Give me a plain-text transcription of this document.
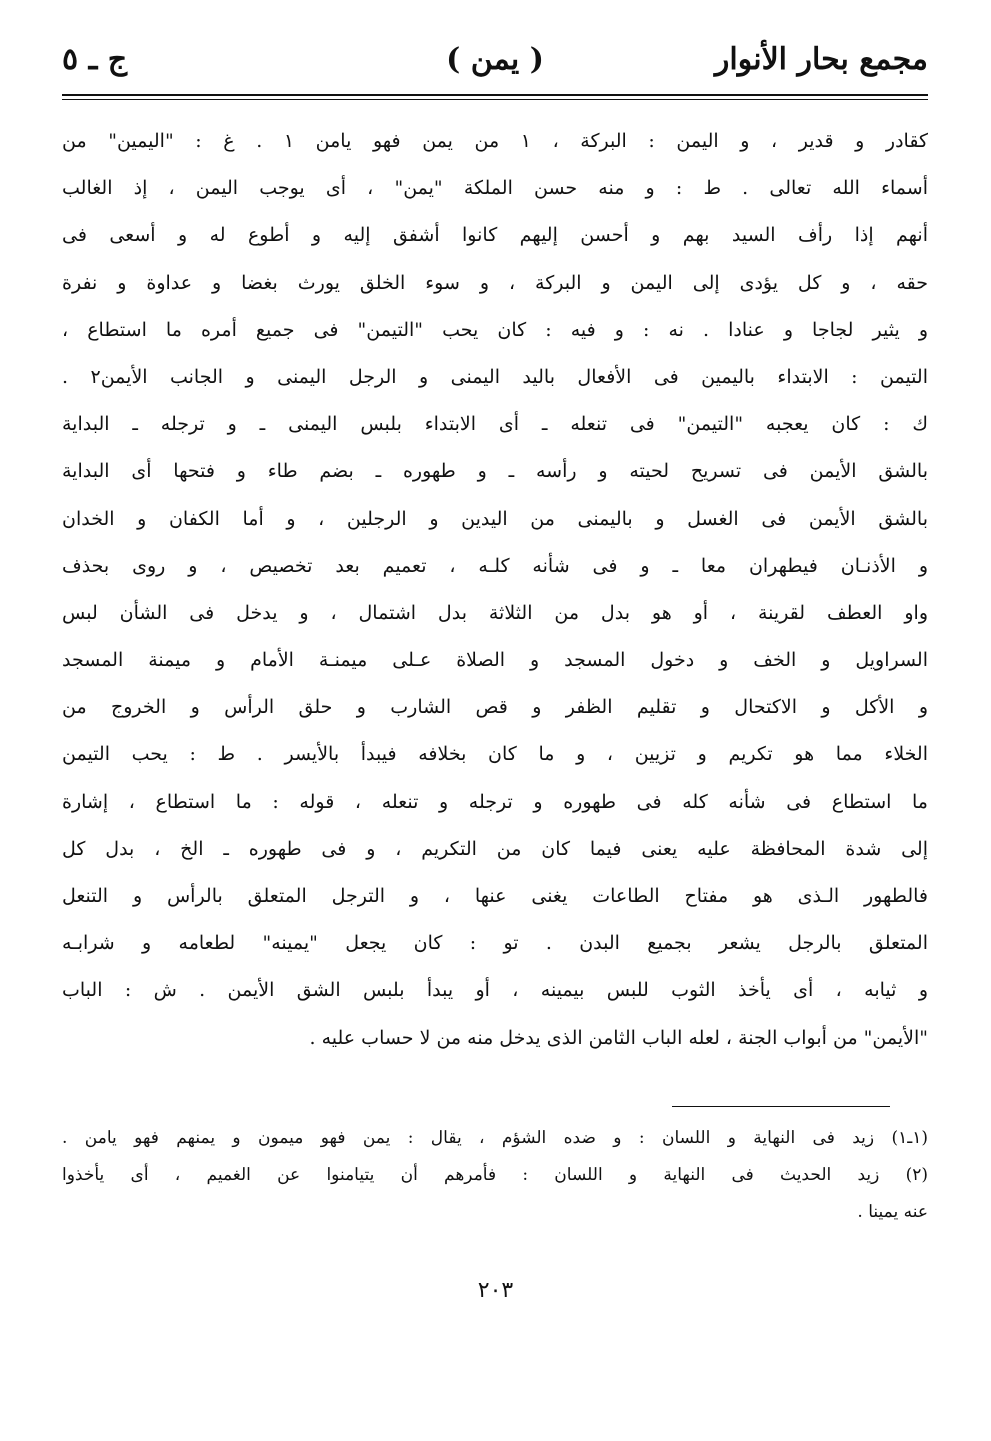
مجمع بحار الأنوار
( يمن )
ج ـ ٥
كقادر و قدير ، و اليمن : البركة ، ١ من يمن فهو يامن ١ . غ : "اليمين" من
أسماء الله تعالى . ط : و منه حسن الملكة "يمن" ، أى يوجب اليمن ، إذ الغالب
أنهم إذا رأف السيد بهم و أحسن إليهم كانوا أشفق إليه و أطوع له و أسعى فى
حقه ، و كل يؤدى إلى اليمن و البركة ، و سوء الخلق يورث بغضا و عداوة و نفرة
و يثير لجاجا و عنادا . نه : و فيه : كان يحب "التيمن" فى جميع أمره ما استطاع ،
التيمن : الابتداء باليمين فى الأفعال باليد اليمنى و الرجل اليمنى و الجانب الأيمن٢ .
ك : كان يعجبه "التيمن" فى تنعله ـ أى الابتداء بلبس اليمنى ـ و ترجله ـ البداية
بالشق الأيمن فى تسريح لحيته و رأسه ـ و طهوره ـ بضم طاء و فتحها أى البداية
بالشق الأيمن فى الغسل و باليمنى من اليدين و الرجلين ، و أما الكفان و الخدان
و الأذنـان فيطهران معا ـ و فى شأنه كلـه ، تعميم بعد تخصيص ، و روى بحذف
واو العطف لقرينة ، أو هو بدل من الثلاثة بدل اشتمال ، و يدخل فى الشأن لبس
السراويل و الخف و دخول المسجد و الصلاة عـلى ميمنـة الأمام و ميمنة المسجد
و الأكل و الاكتحال و تقليم الظفر و قص الشارب و حلق الرأس و الخروج من
الخلاء مما هو تكريم و تزيين ، و ما كان بخلافه فيبدأ بالأيسر . ط : يحب التيمن
ما استطاع فى شأنه كله فى طهوره و ترجله و تنعله ، قوله : ما استطاع ، إشارة
إلى شدة المحافظة عليه يعنى فيما كان من التكريم ، و فى طهوره ـ الخ ، بدل كل
فالطهور الـذى هو مفتاح الطاعات يغنى عنها ، و الترجل المتعلق بالرأس و التنعل
المتعلق بالرجل يشعر بجميع البدن . تو : كان يجعل "يمينه" لطعامه و شرابـه
و ثيابه ، أى يأخذ الثوب للبس بيمينه ، أو يبدأ بلبس الشق الأيمن . ش : الباب
"الأيمن" من أبواب الجنة ، لعله الباب الثامن الذى يدخل منه من لا حساب عليه .
(١ـ١) زيد فى النهاية و اللسان : و ضده الشؤم ، يقال : يمن فهو ميمون و يمنهم فهو يامن .
(٢) زيد الحديث فى النهاية و اللسان : فأمرهم أن يتيامنوا عن الغميم ، أى يأخذوا
عنه يمينا .
٢٠٣
